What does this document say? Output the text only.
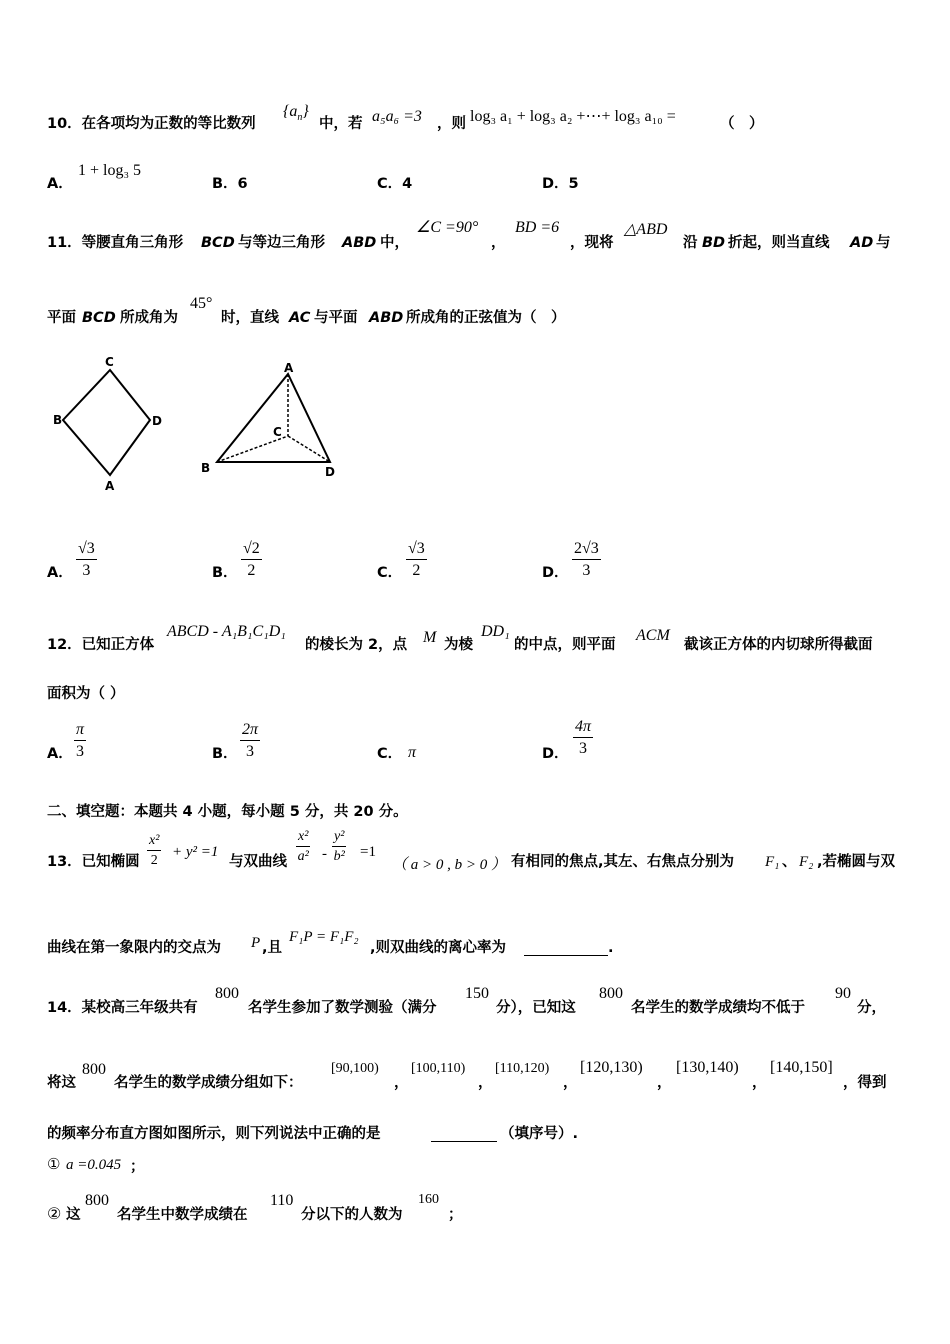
10．在各项均为正数的等比数列
$\{a_n\}$
中，若 a₅a₆ =3 ，则 log₃ a₁ + log₃ a₂ +⋯+ log₃ a₁₀ =	（　）
A．
1 + log₃ 5
B．6	C．4	D．5
11．等腰直角三角形 BCD 与等边三角形 ABD 中，
∠C =90°
，
BD =6
，现将
△ABD
沿 BD 折起，则当直线 AD 与
平面 BCD 所成角为
45°
时，直线 AC 与平面 ABD 所成角的正弦值为（　）
C
B	D
A
A
C
B	D
A． $\frac{√3}{3}$	B． $\frac{√2}{2}$	C． $\frac{√3}{2}$	D． $\frac{2√3}{3}$
12．已知正方体
ABCD - A₁B₁C₁D₁
的棱长为 2，点 M 为棱
DD₁
的中点，则平面
ACM
截该正方体的内切球所得截面
面积为（ ）
A． $\frac{\pi}{3}$	B． $\frac{2\pi}{3}$	C． π	D． $\frac{4\pi}{3}$
二、填空题：本题共 4 小题，每小题 5 分，共 20 分。
13．已知椭圆 $\frac{\text{x²}}{2} + y^2 =1$
与双曲线 $\frac{\text{x²}}{\text{a²}} - \frac{\text{y²}}{\text{b²}} =1$
（ a > 0 , b > 0 ） 有相同的焦点,其左、右焦点分别为 F₁ 、 F₂ ,若椭圆与双
曲线在第一象限内的交点为 P ,且
F₁P = F₁F₂
,则双曲线的离心率为	.
14．某校高三年级共有
800
名学生参加了数学测验（满分
150
分），已知这
800
名学生的数学成绩均不低于
90
分，
将这
800
名学生的数学成绩分组如下：
[90,100)
，
[100,110)
，
[110,120)
，
[120,130)
，
[130,140)
，
[140,150]
，得到
的频率分布直方图如图所示，则下列说法中正确的是	（填序号）.
① a =0.045 ；
② 这
800
名学生中数学成绩在
110
分以下的人数为
160
；
